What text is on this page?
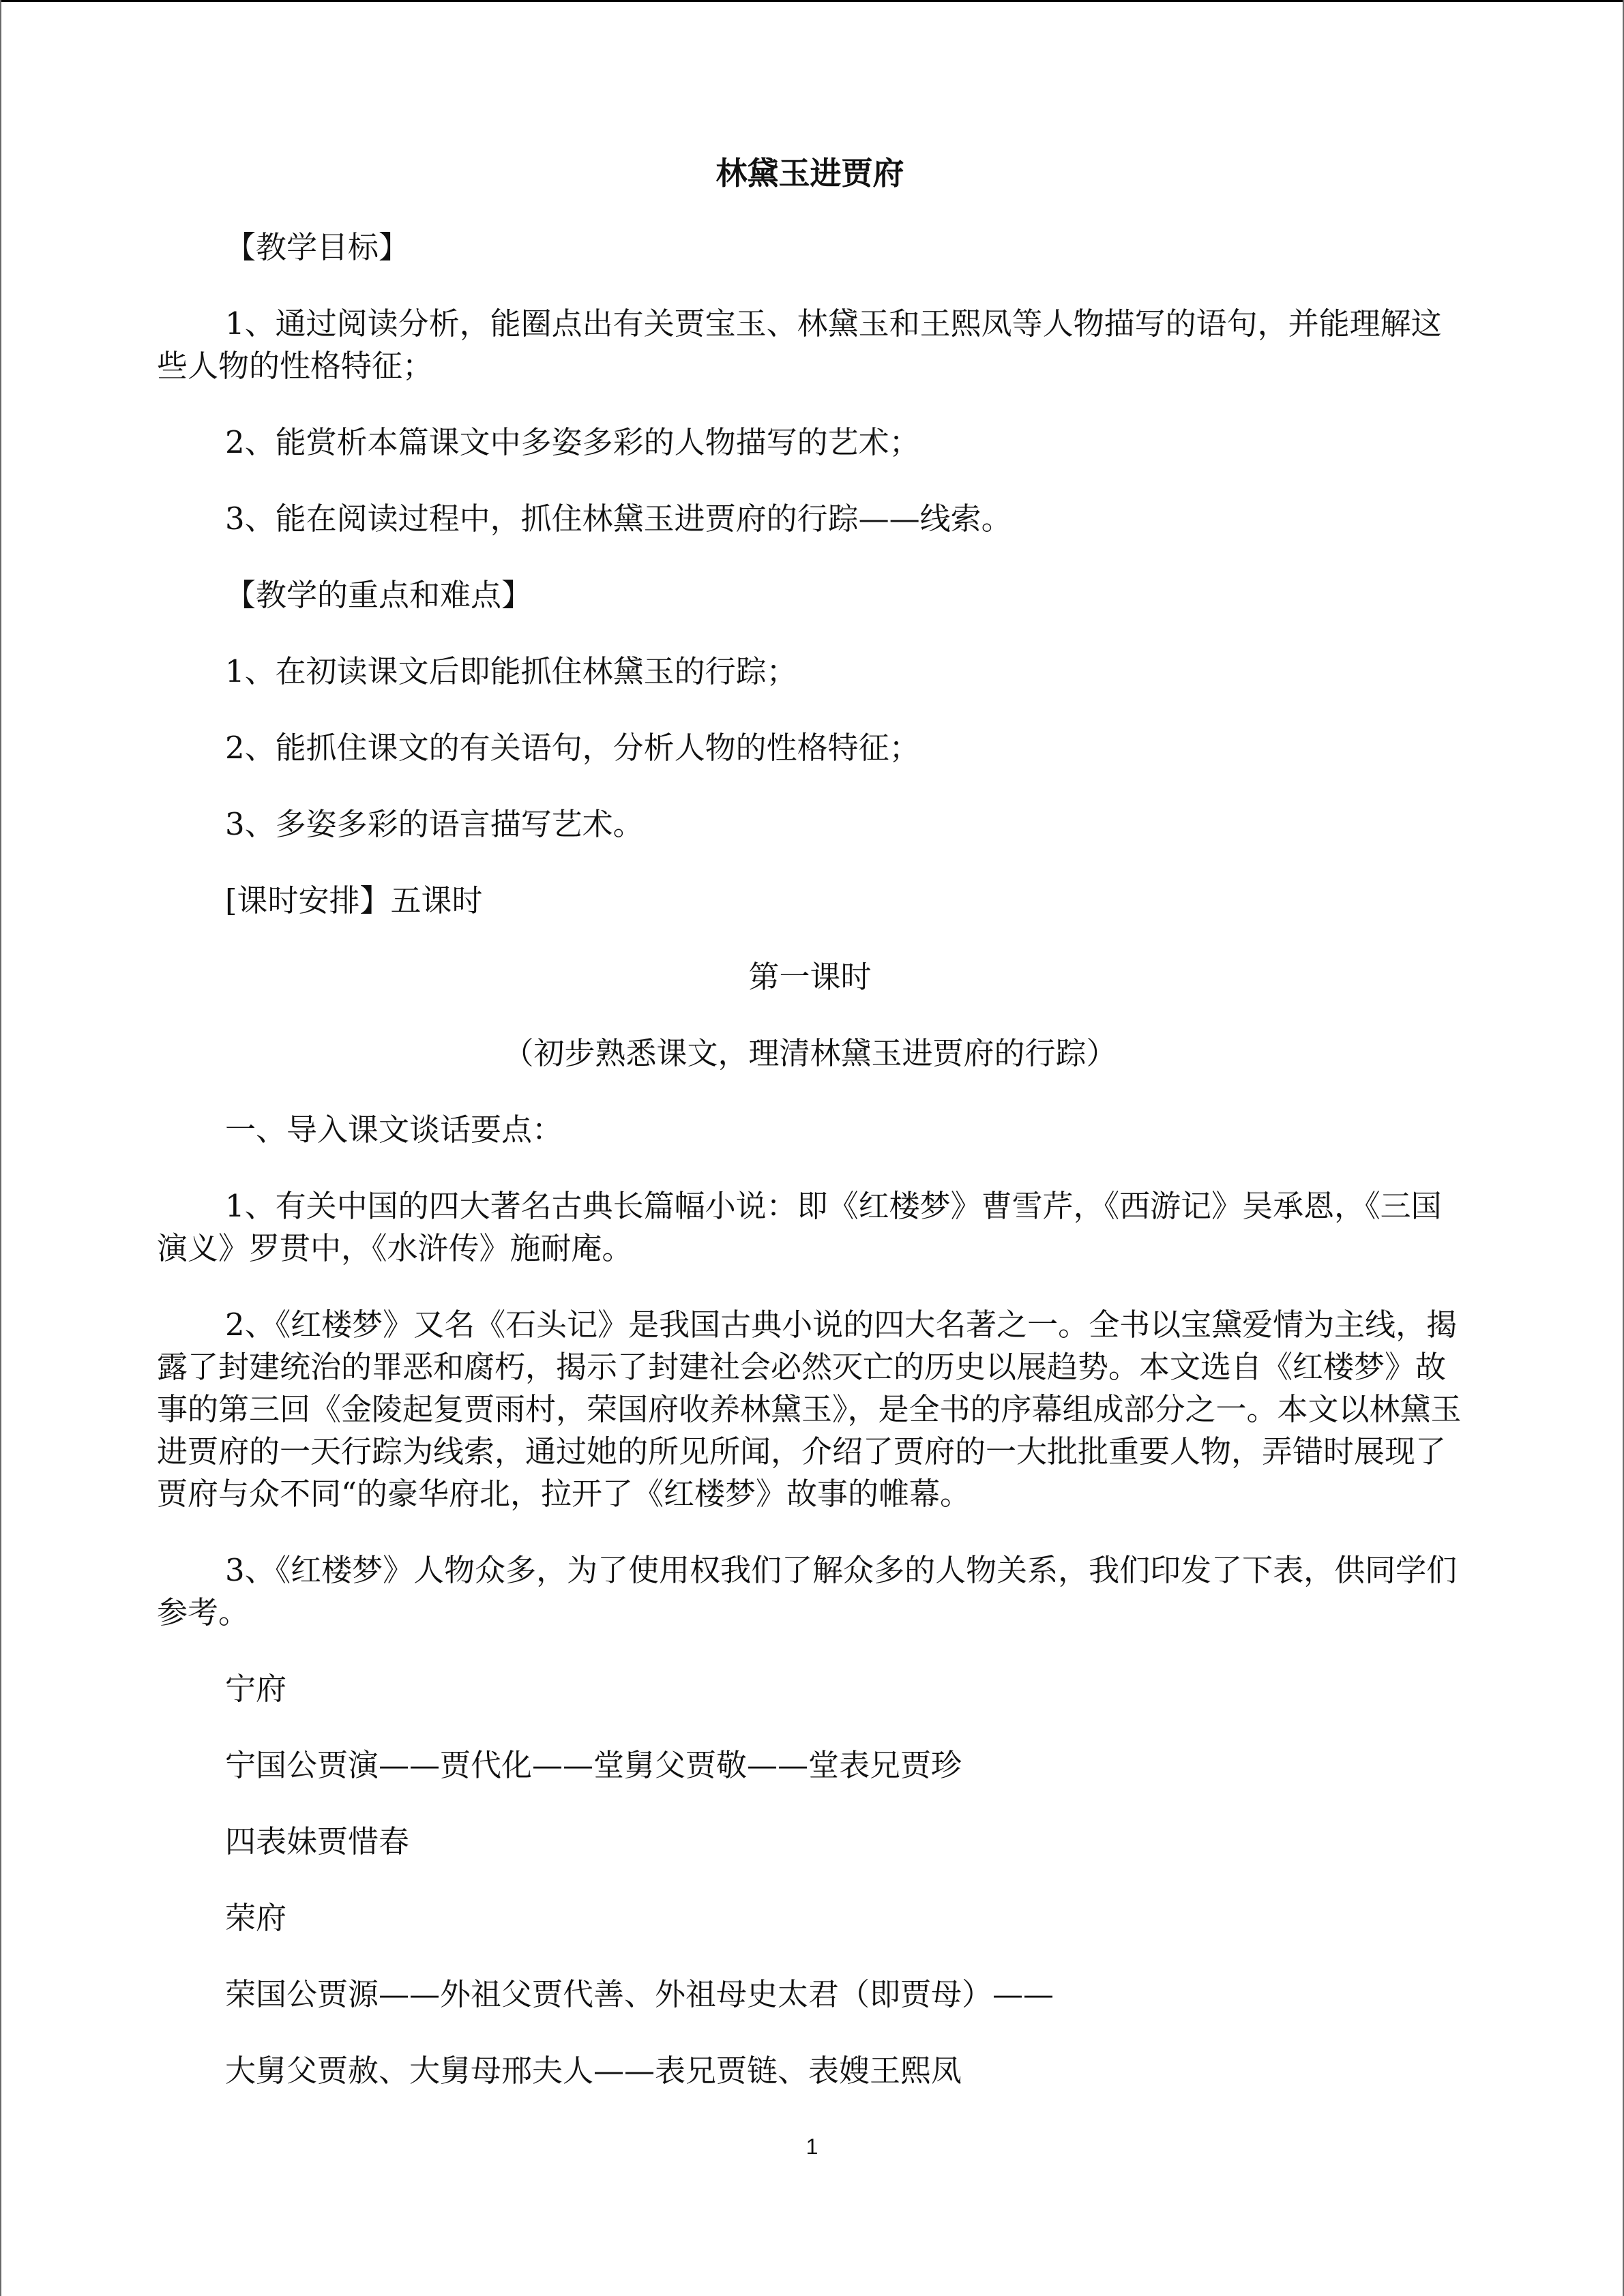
林黛玉进贾府

【教学目标】

1、通过阅读分析，能圈点出有关贾宝玉、林黛玉和王熙凤等人物描写的语句，并能理解这些人物的性格特征；

2、能赏析本篇课文中多姿多彩的人物描写的艺术；

3、能在阅读过程中，抓住林黛玉进贾府的行踪——线索。

【教学的重点和难点】

1、在初读课文后即能抓住林黛玉的行踪；

2、能抓住课文的有关语句，分析人物的性格特征；

3、多姿多彩的语言描写艺术。

[课时安排】五课时

第一课时

（初步熟悉课文，理清林黛玉进贾府的行踪）

一、导入课文谈话要点：

1、有关中国的四大著名古典长篇幅小说：即《红楼梦》曹雪芹，《西游记》吴承恩，《三国演义》罗贯中，《水浒传》施耐庵。

2、《红楼梦》又名《石头记》是我国古典小说的四大名著之一。全书以宝黛爱情为主线，揭露了封建统治的罪恶和腐朽，揭示了封建社会必然灭亡的历史以展趋势。本文选自《红楼梦》故事的第三回《金陵起复贾雨村，荣国府收养林黛玉》，是全书的序幕组成部分之一。本文以林黛玉进贾府的一天行踪为线索，通过她的所见所闻，介绍了贾府的一大批批重要人物，弄错时展现了贾府与众不同“的豪华府北，拉开了《红楼梦》故事的帷幕。

3、《红楼梦》人物众多，为了使用权我们了解众多的人物关系，我们印发了下表，供同学们参考。

宁府

宁国公贾演——贾代化——堂舅父贾敬——堂表兄贾珍

四表妹贾惜春

荣府

荣国公贾源——外祖父贾代善、外祖母史太君（即贾母）——

大舅父贾赦、大舅母邢夫人——表兄贾链、表嫂王熙凤

1
